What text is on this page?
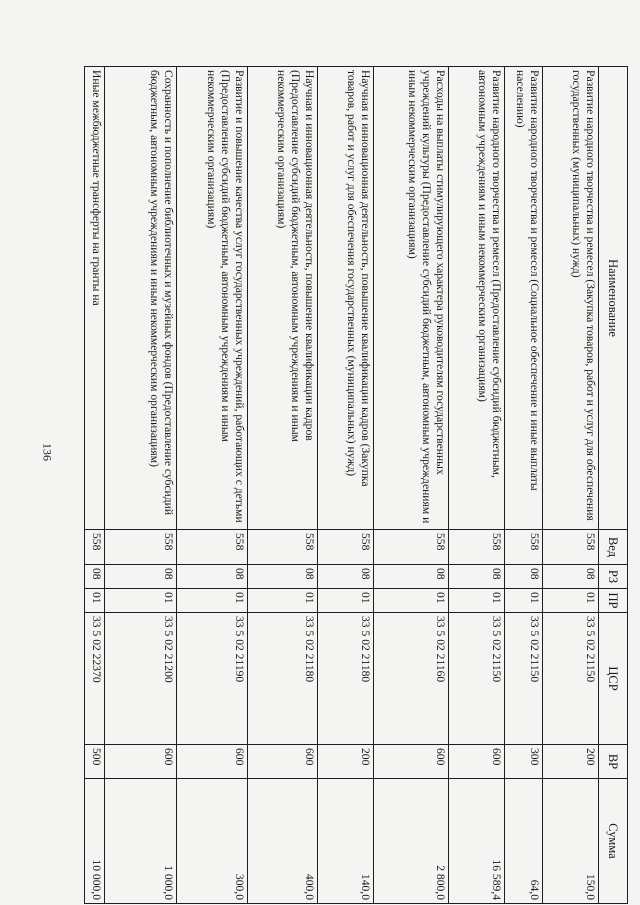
136
Наименование	Вед	РЗ	ПР	ЦСР	ВР	Сумма
Развитие народного творчества и ремесел (Закупка товаров, работ и услуг для обеспечения государственных (муниципальных) нужд)	558	08	01	33 5 02 21150	200	150,0
Развитие народного творчества и ремесел (Социальное обеспечение и иные выплаты населению)	558	08	01	33 5 02 21150	300	64,0
Развитие народного творчества и ремесел (Предоставление субсидий бюджетным, автономным учреждениям и иным некоммерческим организациям)	558	08	01	33 5 02 21150	600	16 589,4
Расходы на выплаты стимулирующего характера руководителям государственных учреждений культуры (Предоставление субсидий бюджетным, автономным учреждениям и иным некоммерческим организациям)	558	08	01	33 5 02 21160	600	2 800,0
Научная и инновационная деятельность, повышение квалификации кадров (Закупка товаров, работ и услуг для обеспечения государственных (муниципальных) нужд)	558	08	01	33 5 02 21180	200	140,0
Научная и инновационная деятельность, повышение квалификации кадров (Предоставление субсидий бюджетным, автономным учреждениям и иным некоммерческим организациям)	558	08	01	33 5 02 21180	600	400,0
Развитие и повышение качества услуг государственных учреждений, работающих с детьми (Предоставление субсидий бюджетным, автономным учреждениям и иным некоммерческим организациям)	558	08	01	33 5 02 21190	600	300,0
Сохранность и пополнение библиотечных и музейных фондов (Предоставление субсидий бюджетным, автономным учреждениям и иным некоммерческим организациям)	558	08	01	33 5 02 21200	600	1 000,0
Иные межбюджетные трансферты на гранты на	558	08	01	33 5 02 22370	500	10 000,0
